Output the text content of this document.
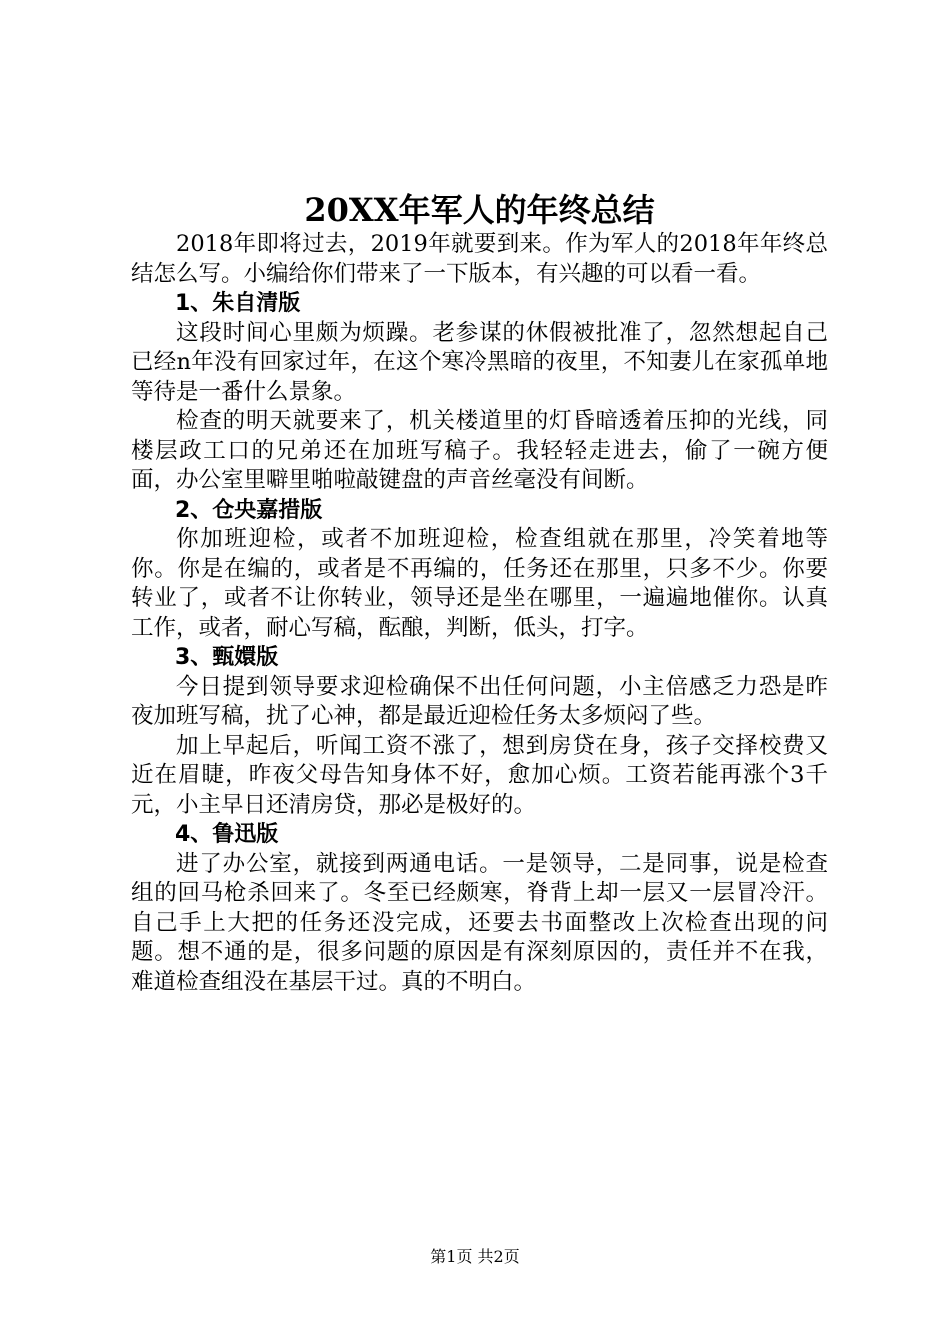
20XX年军人的年终总结

2018年即将过去，2019年就要到来。作为军人的2018年年终总结怎么写。小编给你们带来了一下版本，有兴趣的可以看一看。

1、朱自清版

这段时间心里颇为烦躁。老参谋的休假被批准了，忽然想起自己已经n年没有回家过年，在这个寒冷黑暗的夜里，不知妻儿在家孤单地等待是一番什么景象。

检查的明天就要来了，机关楼道里的灯昏暗透着压抑的光线，同楼层政工口的兄弟还在加班写稿子。我轻轻走进去，偷了一碗方便面，办公室里噼里啪啦敲键盘的声音丝毫没有间断。

2、仓央嘉措版

你加班迎检，或者不加班迎检，检查组就在那里，冷笑着地等你。你是在编的，或者是不再编的，任务还在那里，只多不少。你要转业了，或者不让你转业，领导还是坐在哪里，一遍遍地催你。认真工作，或者，耐心写稿，酝酿，判断，低头，打字。

3、甄嬛版

今日提到领导要求迎检确保不出任何问题，小主倍感乏力恐是昨夜加班写稿，扰了心神，都是最近迎检任务太多烦闷了些。

加上早起后，听闻工资不涨了，想到房贷在身，孩子交择校费又近在眉睫，昨夜父母告知身体不好，愈加心烦。工资若能再涨个3千元，小主早日还清房贷，那必是极好的。

4、鲁迅版

进了办公室，就接到两通电话。一是领导，二是同事，说是检查组的回马枪杀回来了。冬至已经颇寒，脊背上却一层又一层冒冷汗。自己手上大把的任务还没完成，还要去书面整改上次检查出现的问题。想不通的是，很多问题的原因是有深刻原因的，责任并不在我，难道检查组没在基层干过。真的不明白。

第1页 共2页
